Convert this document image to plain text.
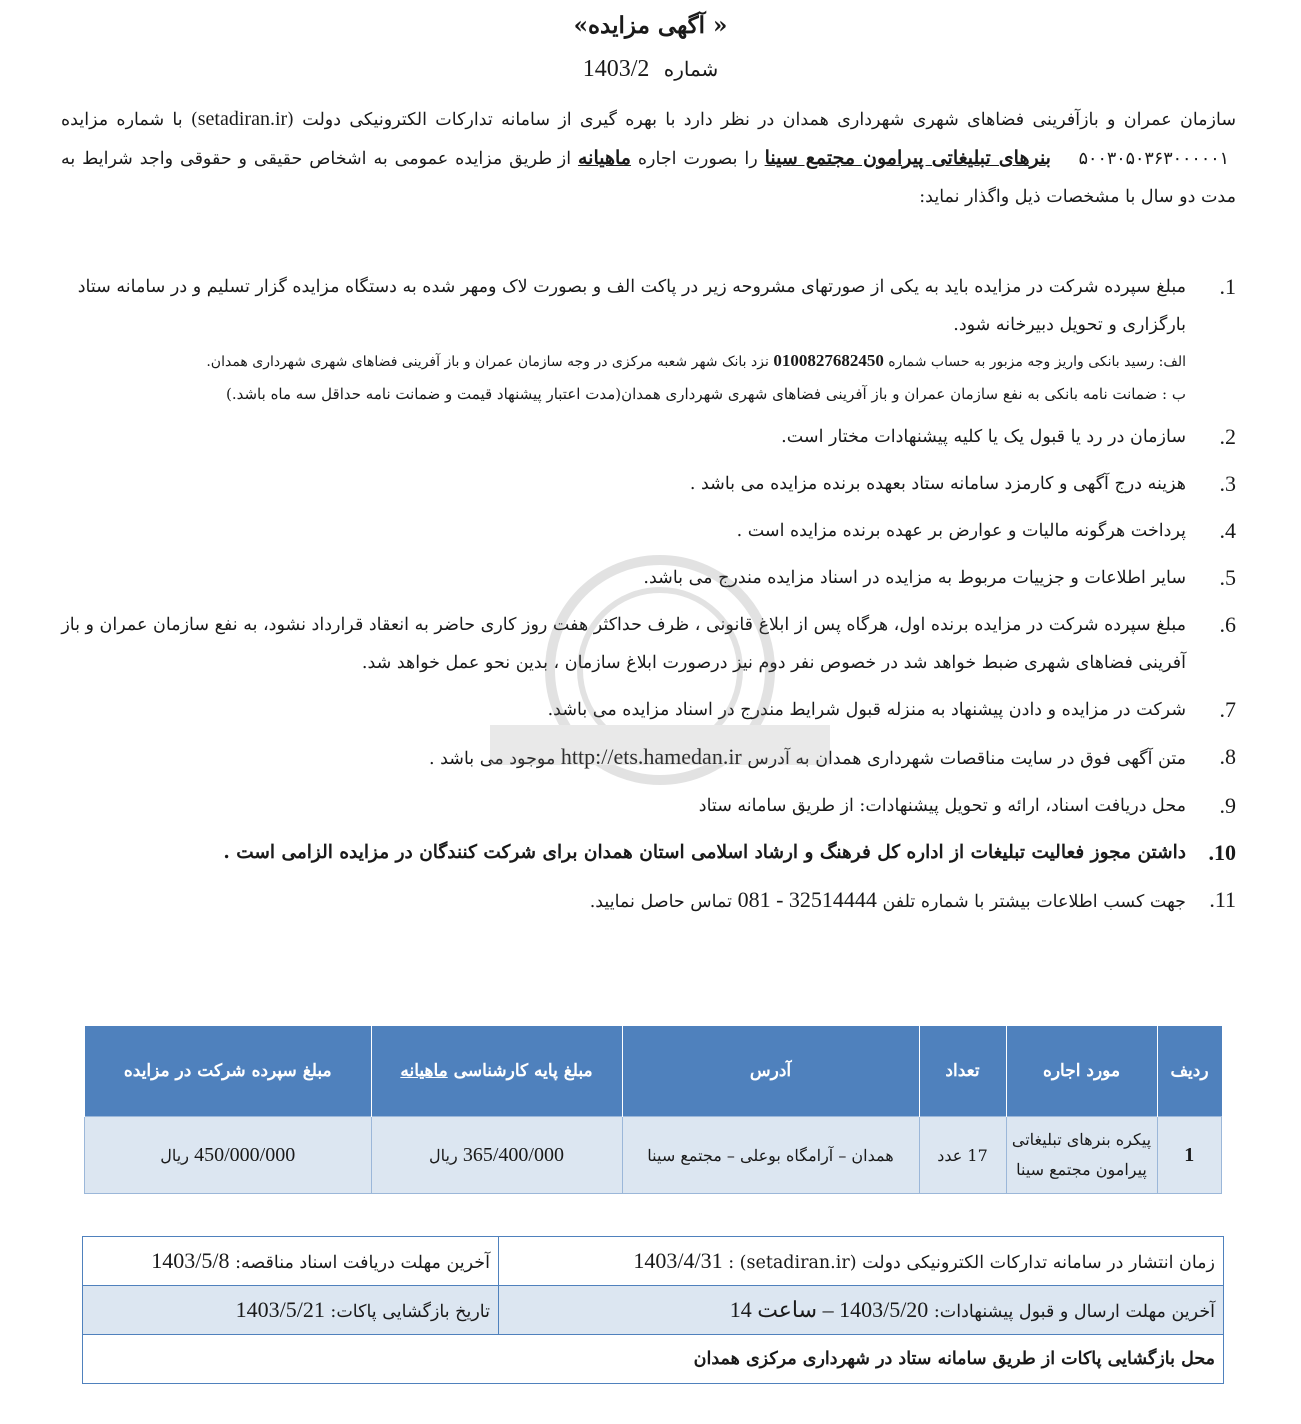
« آگهی مزایده»
شماره 1403/2
سازمان عمران و بازآفرینی فضاهای شهری شهرداری همدان در نظر دارد با بهره گیری از سامانه تدارکات الکترونیکی دولت (setadiran.ir) با شماره مزایده  ۵۰۰۳۰۵۰۳۶۳۰۰۰۰۰۱    بنرهای تبلیغاتی پیرامون مجتمع سینا را بصورت اجاره ماهیانه از طریق مزایده عمومی به اشخاص حقیقی و حقوقی واجد شرایط به مدت دو سال با مشخصات ذیل واگذار نماید:
1.
مبلغ سپرده شرکت در مزایده باید به یکی از صورتهای مشروحه زیر در پاکت الف و بصورت لاک ومهر شده به دستگاه مزایده گزار تسلیم و در سامانه ستاد بارگزاری و تحویل دبیرخانه شود.
الف: رسید بانکی واریز وجه مزبور به حساب شماره 0100827682450 نزد بانک شهر شعبه مرکزی در وجه سازمان عمران و باز آفرینی فضاهای شهری شهرداری همدان.
ب : ضمانت نامه بانکی به نفع سازمان عمران و باز آفرینی فضاهای شهری شهرداری همدان(مدت اعتبار پیشنهاد قیمت و ضمانت نامه حداقل سه ماه باشد.)
2.
سازمان در رد یا قبول یک یا کلیه پیشنهادات مختار است.
3.
هزینه درج آگهی و کارمزد سامانه ستاد بعهده برنده مزایده می باشد .
4.
پرداخت هرگونه مالیات و عوارض بر عهده برنده مزایده است .
5.
سایر اطلاعات و جزییات مربوط به مزایده در اسناد مزایده مندرج می باشد.
6.
مبلغ سپرده شرکت در مزایده برنده اول، هرگاه پس از ابلاغ قانونی ، ظرف حداکثر هفت روز کاری حاضر به انعقاد قرارداد نشود، به نفع سازمان عمران و باز آفرینی فضاهای شهری ضبط خواهد شد در خصوص نفر دوم نیز درصورت ابلاغ سازمان ، بدین نحو عمل خواهد شد.
7.
شرکت در مزایده و دادن پیشنهاد به منزله قبول شرایط مندرج در اسناد مزایده می باشد.
8.
متن آگهی فوق در سایت مناقصات شهرداری همدان به آدرس http://ets.hamedan.ir موجود می باشد .
9.
محل دریافت اسناد، ارائه و تحویل پیشنهادات: از طریق سامانه ستاد
10.
داشتن مجوز فعالیت تبلیغات از اداره کل فرهنگ و ارشاد اسلامی استان همدان برای شرکت کنندگان در مزایده الزامی است .
11.
جهت کسب اطلاعات بیشتر با شماره تلفن 32514444 - 081 تماس حاصل نمایید.
ردیف	مورد اجاره	تعداد	آدرس	مبلغ پایه کارشناسی ماهیانه	مبلغ سپرده شرکت در مزایده
1	پیکره بنرهای تبلیغاتی پیرامون مجتمع سینا	17 عدد	همدان – آرامگاه بوعلی – مجتمع سینا	365/400/000 ریال	450/000/000 ریال
زمان انتشار در سامانه تدارکات الکترونیکی دولت (setadiran.ir) : 1403/4/31	آخرین مهلت دریافت اسناد مناقصه: 1403/5/8
آخرین مهلت ارسال و قبول پیشنهادات: 1403/5/20 – ساعت 14	تاریخ بازگشایی پاکات: 1403/5/21
محل بازگشایی پاکات از طریق سامانه ستاد در شهرداری مرکزی همدان	
